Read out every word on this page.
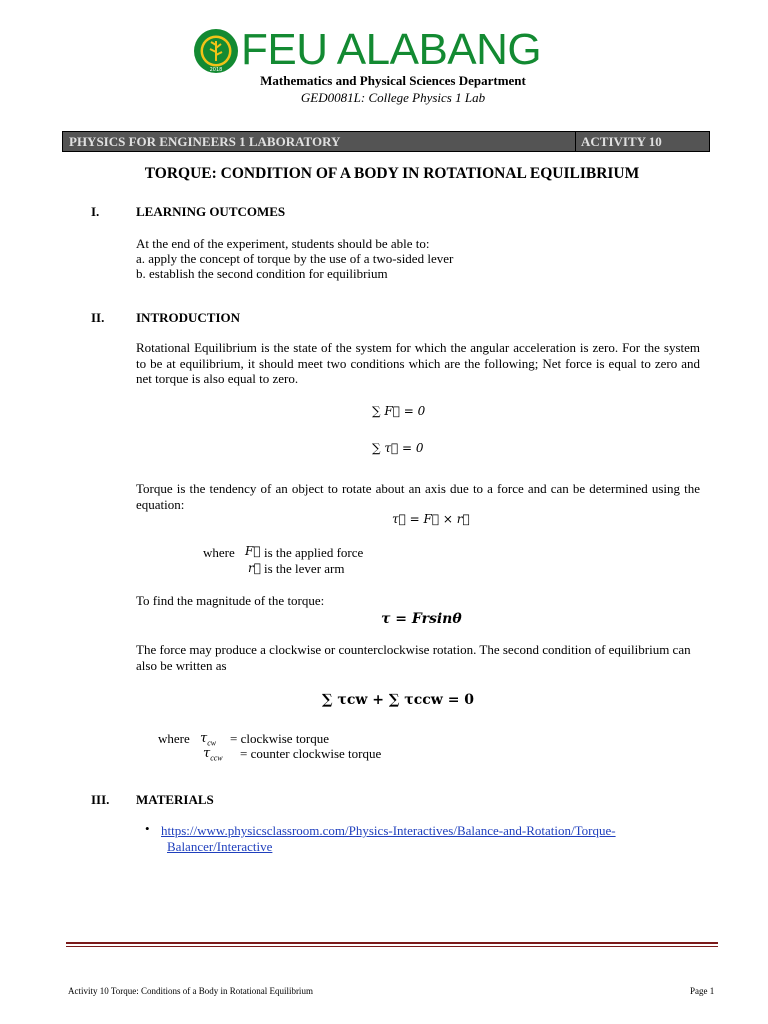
2018 FEU ALABANG
Mathematics and Physical Sciences Department
GED0081L: College Physics 1 Lab
PHYSICS FOR ENGINEERS 1 LABORATORY	ACTIVITY 10
TORQUE: CONDITION OF A BODY IN ROTATIONAL EQUILIBRIUM
I.	LEARNING OUTCOMES
At the end of the experiment, students should be able to:
a. apply the concept of torque by the use of a two-sided lever
b. establish the second condition for equilibrium
II. INTRODUCTION
Rotational Equilibrium is the state of the system for which the angular acceleration is zero. For the system to be at equilibrium, it should meet two conditions which are the following; Net force is equal to zero and net torque is also equal to zero.
∑ F⃗ = 0
∑ τ⃗ = 0
Torque is the tendency of an object to rotate about an axis due to a force and can be determined using the equation:
τ⃗ = F⃗ × r⃗
where F⃗ is the applied force
r⃗ is the lever arm
To find the magnitude of the torque:
τ = Frsinθ
The force may produce a clockwise or counterclockwise rotation. The second condition of equilibrium can also be written as
∑ τcw + ∑ τccw = 0
where $\tau_{cw}$ = clockwise torque
$\tau_{ccw}$ = counter clockwise torque
III. MATERIALS
• https://www.physicsclassroom.com/Physics-Interactives/Balance-and-Rotation/Torque-
Balancer/Interactive
Activity 10 Torque: Conditions of a Body in Rotational Equilibrium	Page 1
